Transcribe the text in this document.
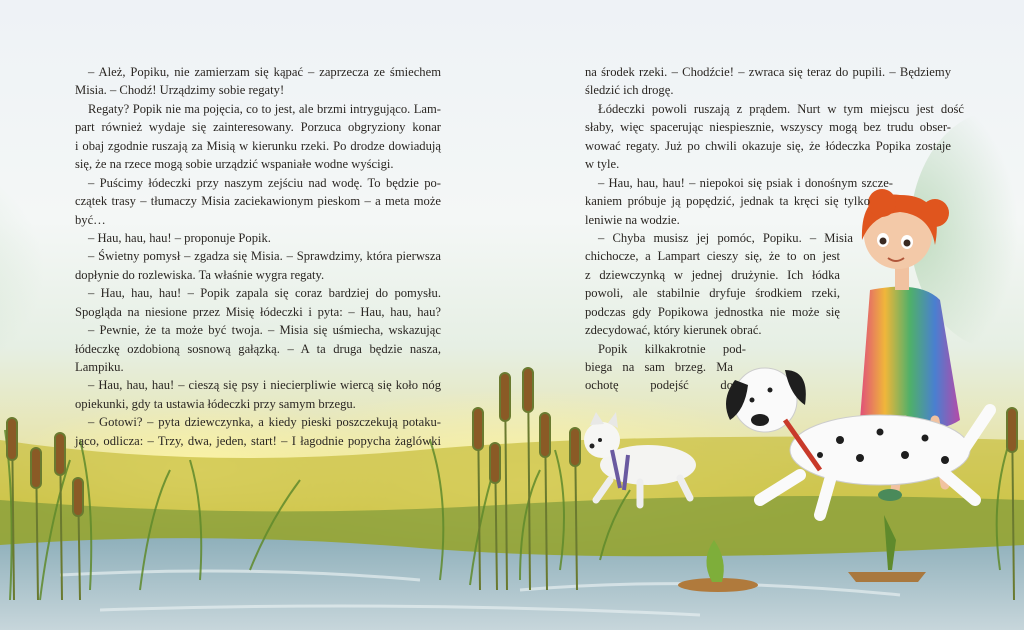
– Ależ, Popiku, nie zamierzam się kąpać – zaprzecza ze śmiechem
Misia. – Chodź! Urządzimy sobie regaty!
Regaty? Popik nie ma pojęcia, co to jest, ale brzmi intrygująco. Lam-
part również wydaje się zainteresowany. Porzuca obgryziony konar
i obaj zgodnie ruszają za Misią w kierunku rzeki. Po drodze dowiadują
się, że na rzece mogą sobie urządzić wspaniałe wodne wyścigi.
– Puścimy łódeczki przy naszym zejściu nad wodę. To będzie po-
czątek trasy – tłumaczy Misia zaciekawionym pieskom – a meta może
być…
– Hau, hau, hau! – proponuje Popik.
– Świetny pomysł – zgadza się Misia. – Sprawdzimy, która pierwsza
dopłynie do rozlewiska. Ta właśnie wygra regaty.
– Hau, hau, hau! – Popik zapala się coraz bardziej do pomysłu.
Spogląda na niesione przez Misię łódeczki i pyta: – Hau, hau, hau?
– Pewnie, że ta może być twoja. – Misia się uśmiecha, wskazując
łódeczkę ozdobioną sosnową gałązką. – A ta druga będzie nasza,
Lampiku.
– Hau, hau, hau! – cieszą się psy i niecierpliwie wiercą się koło nóg
opiekunki, gdy ta ustawia łódeczki przy samym brzegu.
– Gotowi? – pyta dziewczynka, a kiedy pieski poszczekują potaku-
jąco, odlicza: – Trzy, dwa, jeden, start! – I łagodnie popycha żaglówki
na środek rzeki. – Chodźcie! – zwraca się teraz do pupili. – Będziemy
śledzić ich drogę.
Łódeczki powoli ruszają z prądem. Nurt w tym miejscu jest dość
słaby, więc spacerując niespiesznie, wszyscy mogą bez trudu obser-
wować regaty. Już po chwili okazuje się, że łódeczka Popika zostaje
w tyle.
– Hau, hau, hau! – niepokoi się psiak i donośnym szcze-
kaniem próbuje ją popędzić, jednak ta kręci się tylko
leniwie na wodzie.
– Chyba musisz jej pomóc, Popiku. – Misia
chichocze, a Lampart cieszy się, że to on jest
z dziewczynką w jednej drużynie. Ich łódka
powoli, ale stabilnie dryfuje środkiem rzeki,
podczas gdy Popikowa jednostka nie może się
zdecydować, który kierunek obrać.
Popik kilkakrotnie pod-
biega na sam brzeg. Ma
ochotę podejść do
